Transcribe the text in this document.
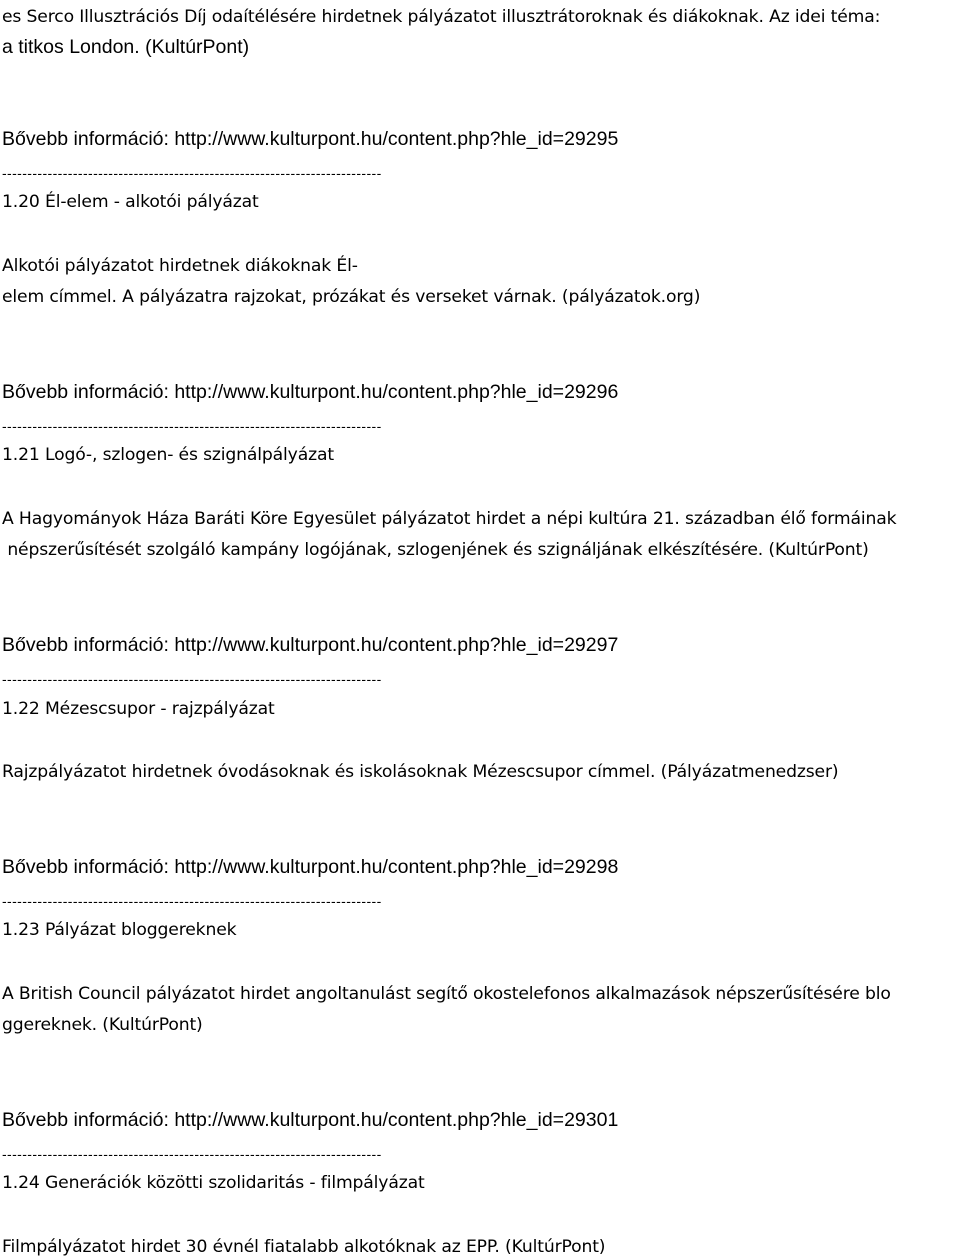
es Serco Illusztrációs Díj odaítélésére hirdetnek pályázatot illusztrátoroknak és diákoknak. Az idei téma:
a titkos London. (KultúrPont)
Bővebb információ: http://www.kulturpont.hu/content.php?hle_id=29295
---------------------------------------------------------------------------
1.20 Él-elem - alkotói pályázat
Alkotói pályázatot hirdetnek diákoknak Él-
elem címmel. A pályázatra rajzokat, prózákat és verseket várnak. (pályázatok.org)
Bővebb információ: http://www.kulturpont.hu/content.php?hle_id=29296
---------------------------------------------------------------------------
1.21 Logó-, szlogen- és szignálpályázat
A Hagyományok Háza Baráti Köre Egyesület pályázatot hirdet a népi kultúra 21. században élő formáinak
népszerűsítését szolgáló kampány logójának, szlogenjének és szignáljának elkészítésére. (KultúrPont)
Bővebb információ: http://www.kulturpont.hu/content.php?hle_id=29297
---------------------------------------------------------------------------
1.22 Mézescsupor - rajzpályázat
Rajzpályázatot hirdetnek óvodásoknak és iskolásoknak Mézescsupor címmel. (Pályázatmenedzser)
Bővebb információ: http://www.kulturpont.hu/content.php?hle_id=29298
---------------------------------------------------------------------------
1.23 Pályázat bloggereknek
A British Council pályázatot hirdet angoltanulást segítő okostelefonos alkalmazások népszerűsítésére blo
ggereknek. (KultúrPont)
Bővebb információ: http://www.kulturpont.hu/content.php?hle_id=29301
---------------------------------------------------------------------------
1.24 Generációk közötti szolidaritás - filmpályázat
Filmpályázatot hirdet 30 évnél fiatalabb alkotóknak az EPP. (KultúrPont)
